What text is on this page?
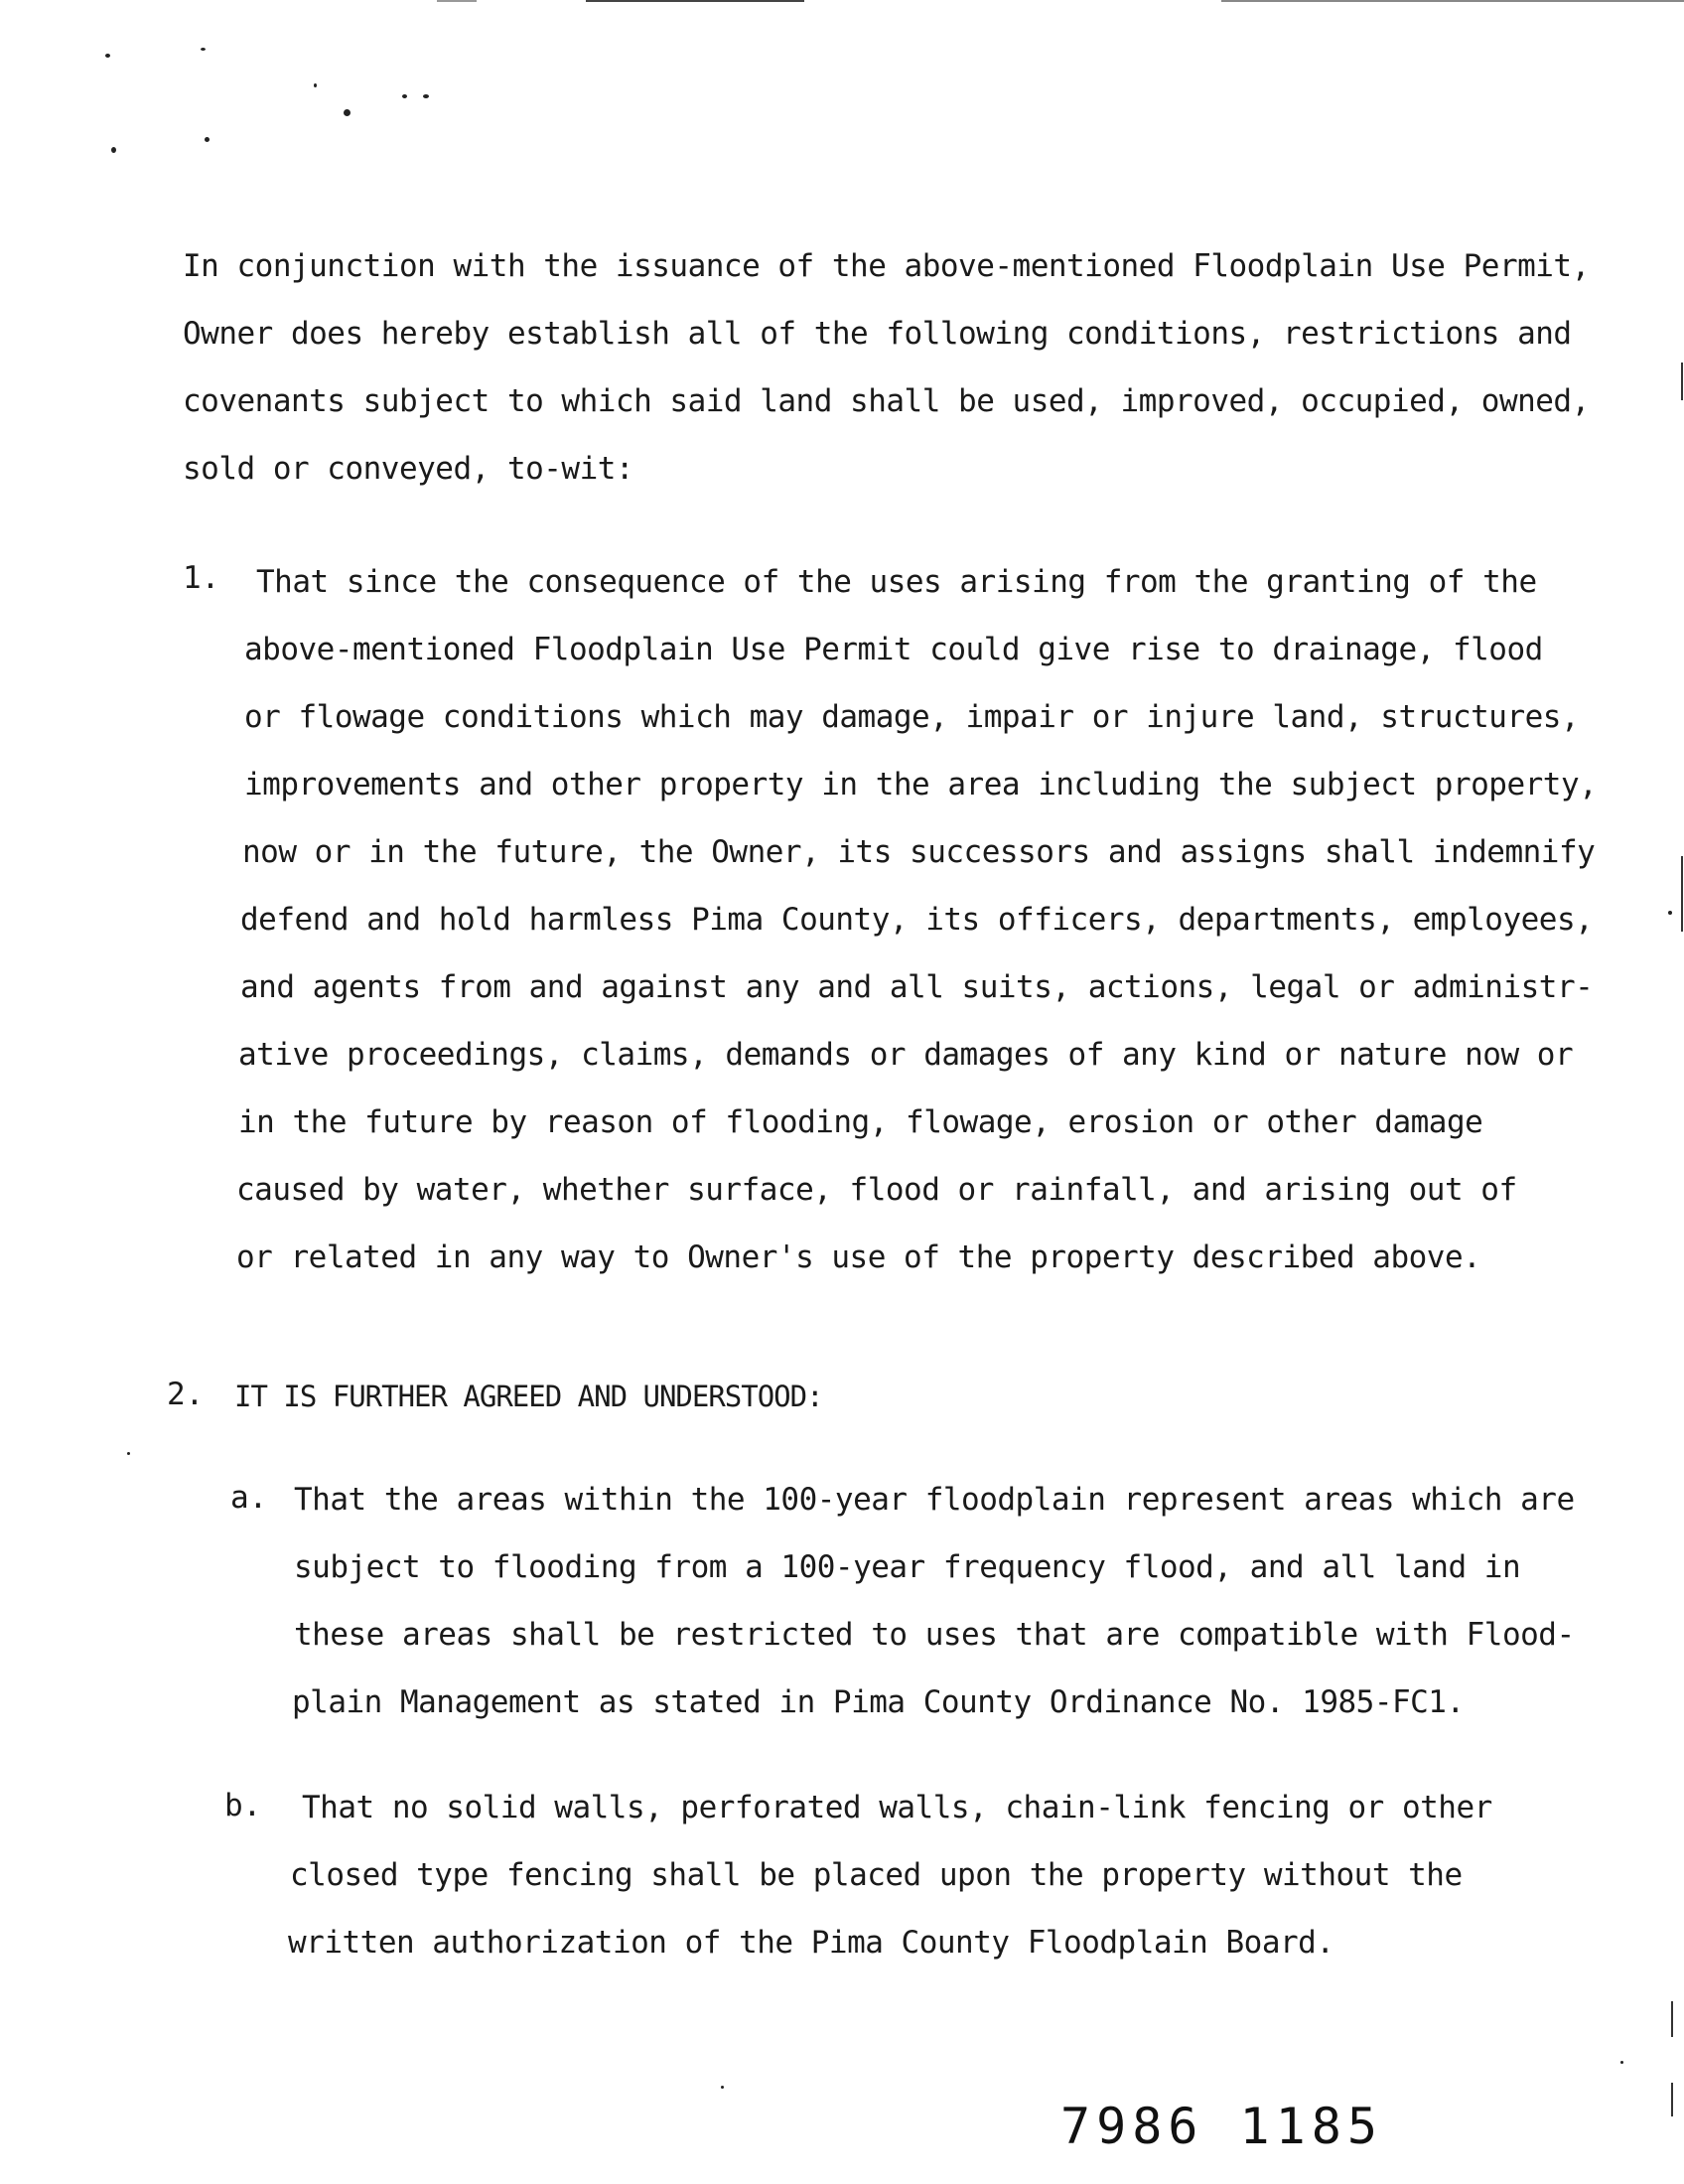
In conjunction with the issuance of the above-mentioned Floodplain Use Permit,
Owner does hereby establish all of the following conditions, restrictions and
covenants subject to which said land shall be used, improved, occupied, owned,
sold or conveyed, to-wit:
1. That since the consequence of the uses arising from the granting of the
above-mentioned Floodplain Use Permit could give rise to drainage, flood
or flowage conditions which may damage, impair or injure land, structures,
improvements and other property in the area including the subject property,
now or in the future, the Owner, its successors and assigns shall indemnify
defend and hold harmless Pima County, its officers, departments, employees,
and agents from and against any and all suits, actions, legal or administr-
ative proceedings, claims, demands or damages of any kind or nature now or
in the future by reason of flooding, flowage, erosion or other damage
caused by water, whether surface, flood or rainfall, and arising out of
or related in any way to Owner's use of the property described above.
2. IT IS FURTHER AGREED AND UNDERSTOOD:
a. That the areas within the 100-year floodplain represent areas which are
subject to flooding from a 100-year frequency flood, and all land in
these areas shall be restricted to uses that are compatible with Flood-
plain Management as stated in Pima County Ordinance No. 1985-FC1.
b. That no solid walls, perforated walls, chain-link fencing or other
closed type fencing shall be placed upon the property without the
written authorization of the Pima County Floodplain Board.
7986 1185
